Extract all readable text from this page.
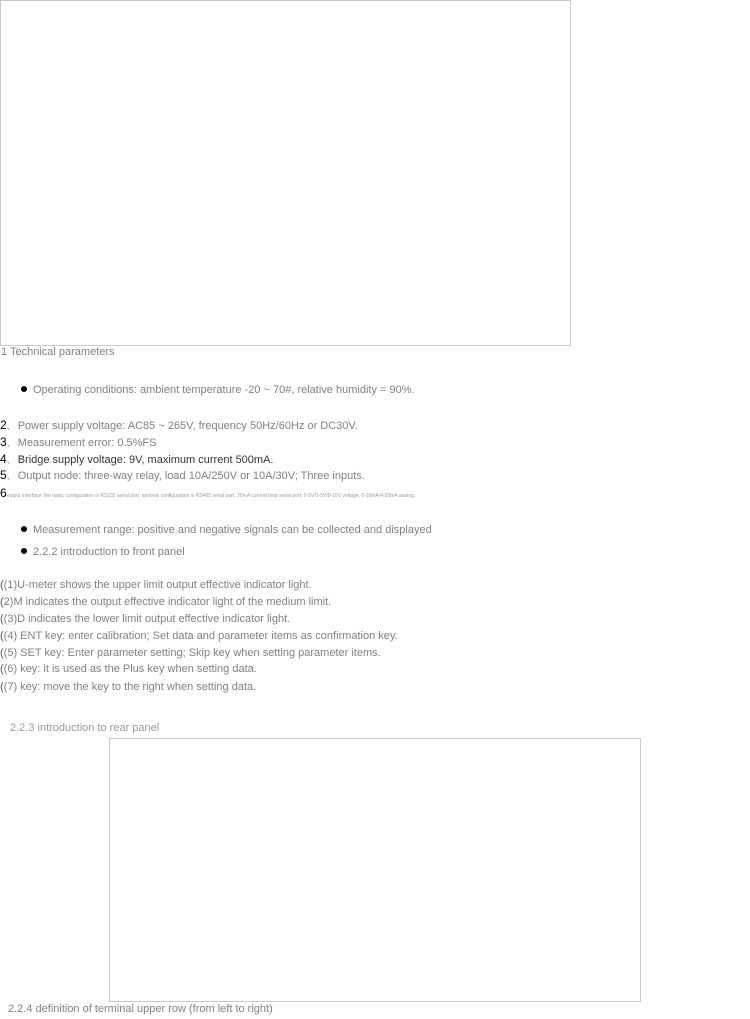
1 Technical parameters
Operating conditions: ambient temperature -20 ~ 70#, relative humidity = 90%.
2、 Power supply voltage: AC85 ~ 265V, frequency 50Hz/60Hz or DC30V.
3、 Measurement error: 0.5%FS
4、 Bridge supply voltage: 9V, maximum current 500mA.
5、 Output node: three-way relay, load 10A/250V or 10A/30V; Three inputs.
6output interface: the basic configuration is RS232 serial port, optional configuration is RS485 serial port, 20mA current loop serial port, 0-5V/1-5V/0-10V voltage, 0-20mA/4-20mA analog.
Measurement range: positive and negative signals can be collected and displayed
2.2.2 introduction to front panel
((1)U-meter shows the upper limit output effective indicator light.
(2)M indicates the output effective indicator light of the medium limit.
((3)D indicates the lower limit output effective indicator light.
((4) ENT key: enter calibration; Set data and parameter items as confirmation key.
((5) SET key: Enter parameter setting; Skip key when setting parameter items.
((6) key: it is used as the Plus key when setting data.
((7) key: move the key to the right when setting data.
2.2.3 introduction to rear panel
2.2.4 definition of terminal upper row (from left to right)
